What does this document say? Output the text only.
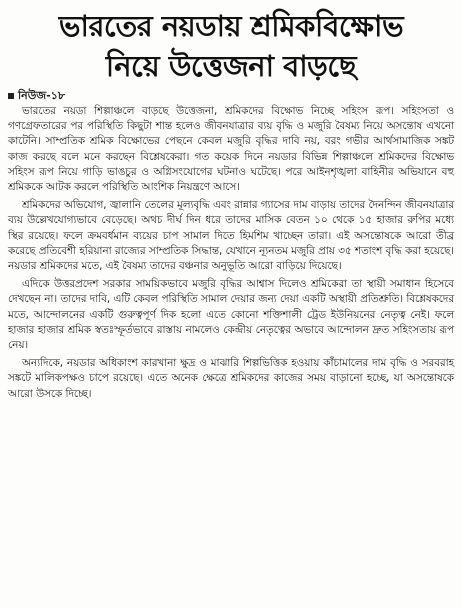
ভারতের নয়ডায় শ্রমিকবিক্ষোভ
নিয়ে উত্তেজনা বাড়ছে
নিউজ-১৮

ভারতের নয়ডা শিল্পাঞ্চলে বাড়ছে উত্তেজনা, শ্রমিকদের বিক্ষোভ নিচ্ছে সহিংস রূপ। সহিংসতা ও গণগ্রেফতারের পর পরিস্থিতি কিছুটা শান্ত হলেও জীবনযাত্রার ব্যয় বৃদ্ধি ও মজুরি বৈষম্য নিয়ে অসন্তোষ এখনো কাটেনি। সাম্প্রতিক শ্রমিক বিক্ষোভের পেছনে কেবল মজুরি বৃদ্ধির দাবি নয়, বরং গভীর আর্থসামাজিক সঙ্কট কাজ করছে বলে মনে করছেন বিশ্লেষকেরা। গত কয়েক দিনে নয়ডার বিভিন্ন শিল্পাঞ্চলে শ্রমিকদের বিক্ষোভ সহিংস রূপ নিয়ে গাড়ি ভাঙচুর ও অগ্নিসংযোগের ঘটনাও ঘটেছে। পরে আইনশৃঙ্খলা বাহিনীর অভিযানে বহু শ্রমিককে আটক করলে পরিস্থিতি আংশিক নিয়ন্ত্রণে আসে।

শ্রমিকদের অভিযোগ, জ্বালানি তেলের মূল্যবৃদ্ধি এবং রান্নার গ্যাসের দাম বাড়ায় তাদের দৈনন্দিন জীবনযাত্রার ব্যয় উল্লেখযোগ্যভাবে বেড়েছে। অথচ দীর্ঘ দিন ধরে তাদের মাসিক বেতন ১০ থেকে ১৫ হাজার রুপির মধ্যে স্থির রয়েছে। ফলে ক্রমবর্ধমান ব্যয়ের চাপ সামাল দিতে হিমশিম খাচ্ছেন তারা। এই অসন্তোষকে আরো তীব্র করেছে প্রতিবেশী হরিয়ানা রাজ্যের সাম্প্রতিক সিদ্ধান্ত, যেখানে ন্যূনতম মজুরি প্রায় ৩৫ শতাংশ বৃদ্ধি করা হয়েছে। নয়ডার শ্রমিকদের মতে, এই বৈষম্য তাদের বঞ্চনার অনুভূতি আরো বাড়িয়ে দিয়েছে।

এদিকে উত্তরপ্রদেশ সরকার সাময়িকভাবে মজুরি বৃদ্ধির আশ্বাস দিলেও শ্রমিকেরা তা স্থায়ী সমাধান হিসেবে দেখছেন না। তাদের দাবি, এটি কেবল পরিস্থিতি সামাল দেয়ার জন্য দেয়া একটি অস্থায়ী প্রতিশ্রুতি। বিশ্লেষকদের মতে, আন্দোলনের একটি গুরুত্বপূর্ণ দিক হলো এতে কোনো শক্তিশালী ট্রেড ইউনিয়নের নেতৃত্ব নেই। ফলে হাজার হাজার শ্রমিক স্বতঃস্ফূর্তভাবে রাস্তায় নামলেও কেন্দ্রীয় নেতৃত্বের অভাবে আন্দোলন দ্রুত সহিংসতায় রূপ নেয়।

অন্যদিকে, নয়ডার অধিকাংশ কারখানা ক্ষুদ্র ও মাঝারি শিল্পভিত্তিক হওয়ায় কাঁচামালের দাম বৃদ্ধি ও সরবরাহ সঙ্কটে মালিকপক্ষও চাপে রয়েছে। এতে অনেক ক্ষেত্রে শ্রমিকদের কাজের সময় বাড়ানো হচ্ছে, যা অসন্তোষকে আরো উসকে দিচ্ছে।
